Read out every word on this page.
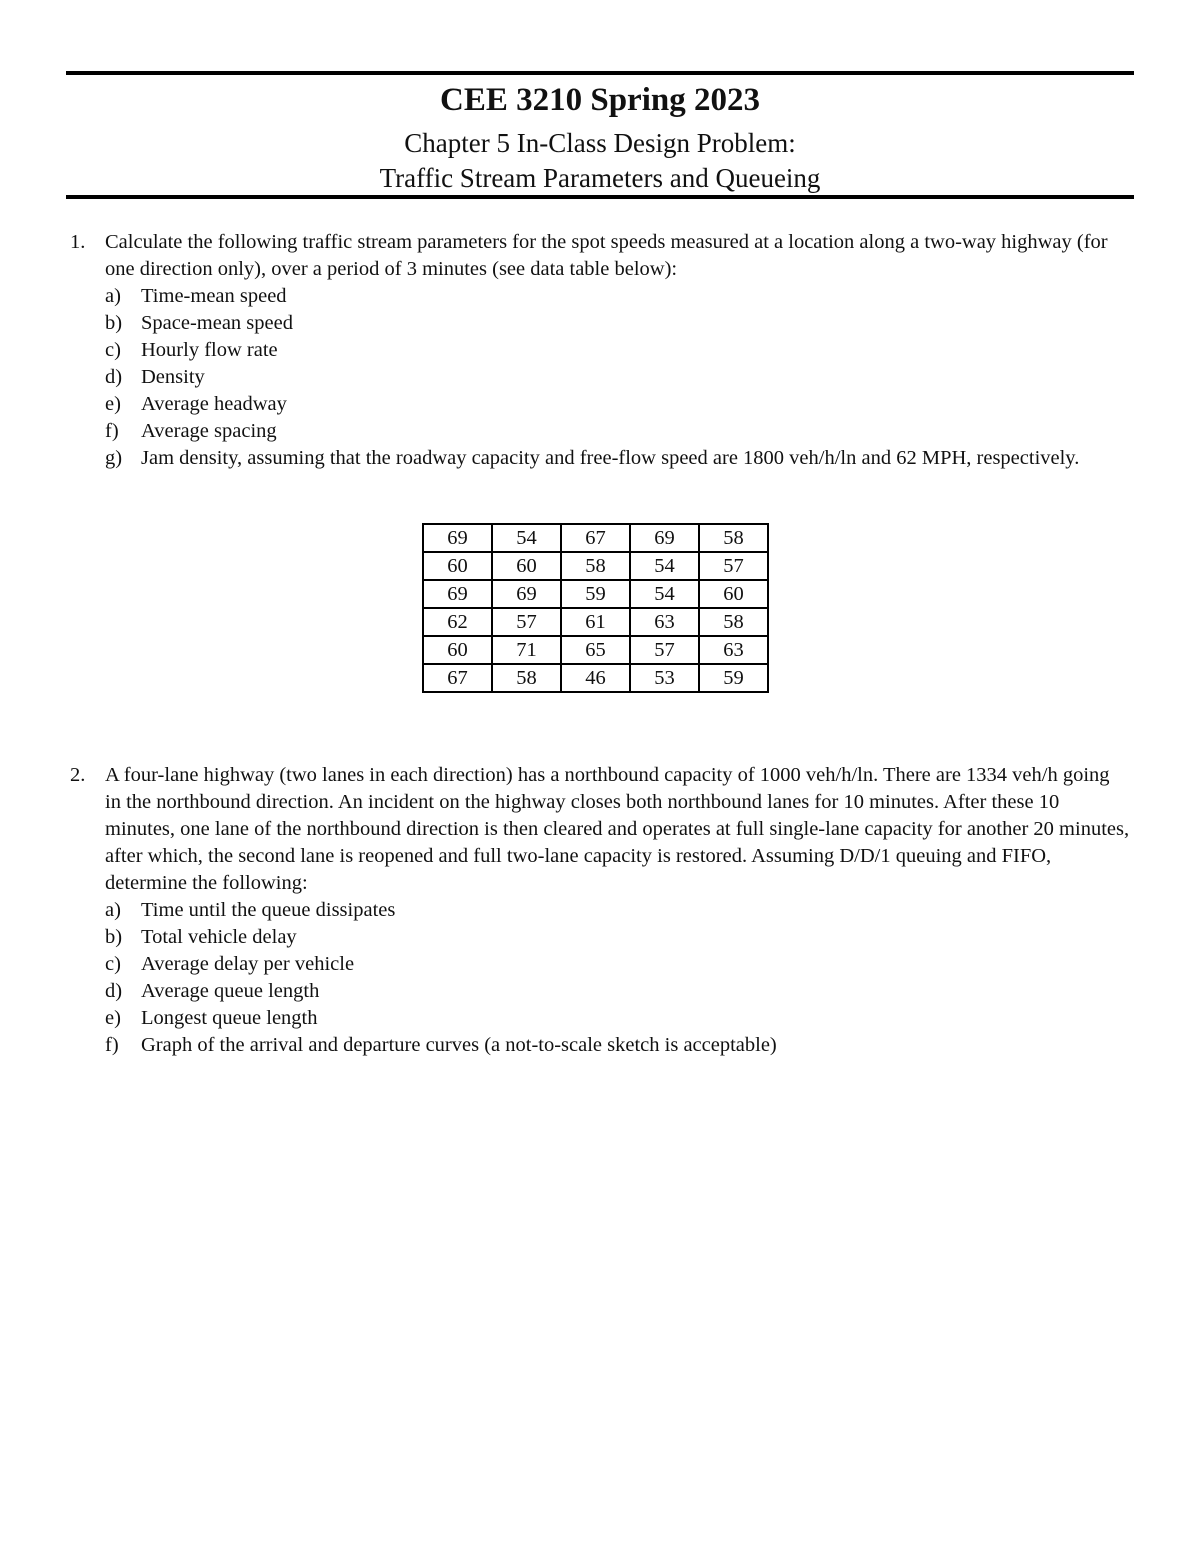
CEE 3210 Spring 2023
Chapter 5 In-Class Design Problem:
Traffic Stream Parameters and Queueing
1. Calculate the following traffic stream parameters for the spot speeds measured at a location along a two-way highway (for one direction only), over a period of 3 minutes (see data table below):
a) Time-mean speed
b) Space-mean speed
c) Hourly flow rate
d) Density
e) Average headway
f) Average spacing
g) Jam density, assuming that the roadway capacity and free-flow speed are 1800 veh/h/ln and 62 MPH, respectively.
69	54	67	69	58
60	60	58	54	57
69	69	59	54	60
62	57	61	63	58
60	71	65	57	63
67	58	46	53	59
2. A four-lane highway (two lanes in each direction) has a northbound capacity of 1000 veh/h/ln. There are 1334 veh/h going in the northbound direction. An incident on the highway closes both northbound lanes for 10 minutes. After these 10 minutes, one lane of the northbound direction is then cleared and operates at full single-lane capacity for another 20 minutes, after which, the second lane is reopened and full two-lane capacity is restored. Assuming D/D/1 queuing and FIFO, determine the following:
a) Time until the queue dissipates
b) Total vehicle delay
c) Average delay per vehicle
d) Average queue length
e) Longest queue length
f) Graph of the arrival and departure curves (a not-to-scale sketch is acceptable)
